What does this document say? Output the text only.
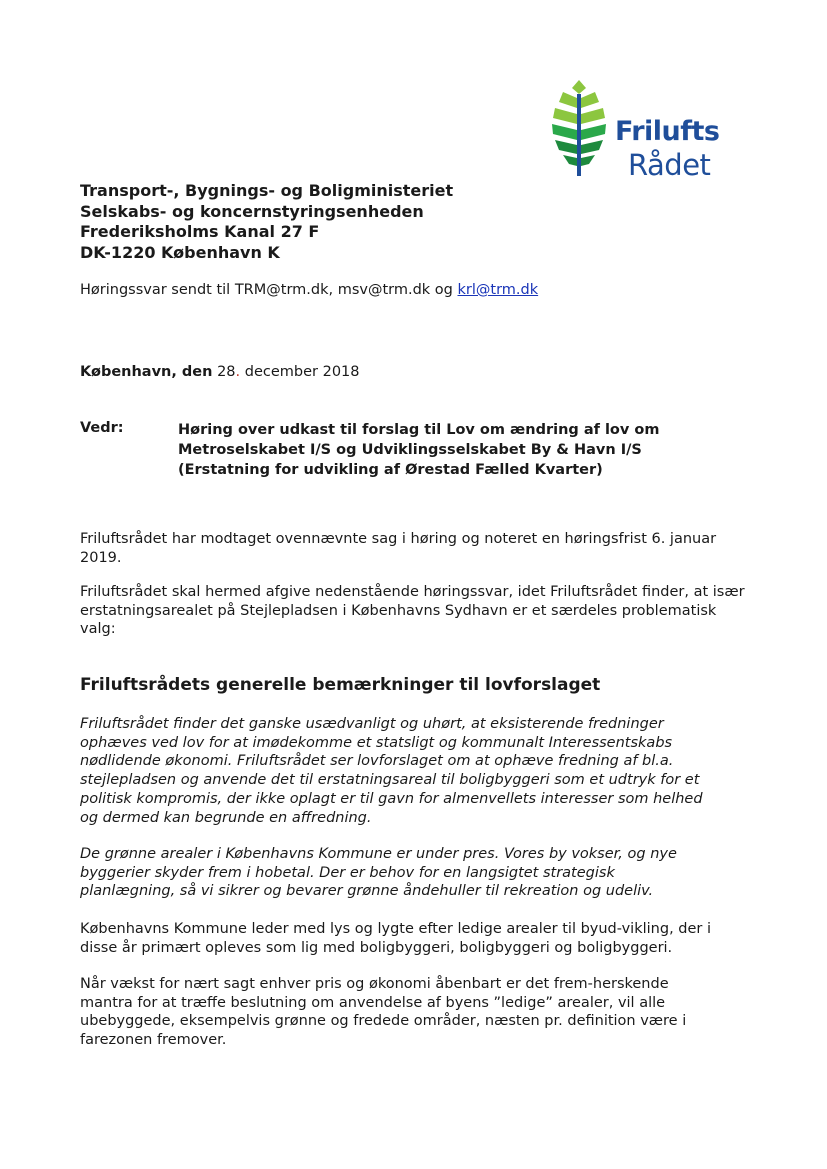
Frilufts
Rådet
Transport-, Bygnings- og Boligministeriet
Selskabs- og koncernstyringsenheden
Frederiksholms Kanal 27 F
DK-1220 København K
Høringssvar sendt til TRM@trm.dk, msv@trm.dk og krl@trm.dk
København, den 28. december 2018
Vedr:	Høring over udkast til forslag til Lov om ændring af lov om
Metroselskabet I/S og Udviklingsselskabet By & Havn I/S
(Erstatning for udvikling af Ørestad Fælled Kvarter)
Friluftsrådet har modtaget ovennævnte sag i høring og noteret en høringsfrist 6. januar
2019.
Friluftsrådet skal hermed afgive nedenstående høringssvar, idet Friluftsrådet finder, at især
erstatningsarealet på Stejlepladsen i Københavns Sydhavn er et særdeles problematisk
valg:
Friluftsrådets generelle bemærkninger til lovforslaget
Friluftsrådet finder det ganske usædvanligt og uhørt, at eksisterende fredninger
ophæves ved lov for at imødekomme et statsligt og kommunalt Interessentskabs
nødlidende økonomi. Friluftsrådet ser lovforslaget om at ophæve fredning af bl.a.
stejlepladsen og anvende det til erstatningsareal til boligbyggeri som et udtryk for et
politisk kompromis, der ikke oplagt er til gavn for almenvellets interesser som helhed
og dermed kan begrunde en affredning.
De grønne arealer i Københavns Kommune er under pres. Vores by vokser, og nye
byggerier skyder frem i hobetal. Der er behov for en langsigtet strategisk
planlægning, så vi sikrer og bevarer grønne åndehuller til rekreation og udeliv.
Københavns Kommune leder med lys og lygte efter ledige arealer til byud-vikling, der i
disse år primært opleves som lig med boligbyggeri, boligbyggeri og boligbyggeri.
Når vækst for nært sagt enhver pris og økonomi åbenbart er det frem-herskende
mantra for at træffe beslutning om anvendelse af byens ”ledige” arealer, vil alle
ubebyggede, eksempelvis grønne og fredede områder, næsten pr. definition være i
farezonen fremover.
